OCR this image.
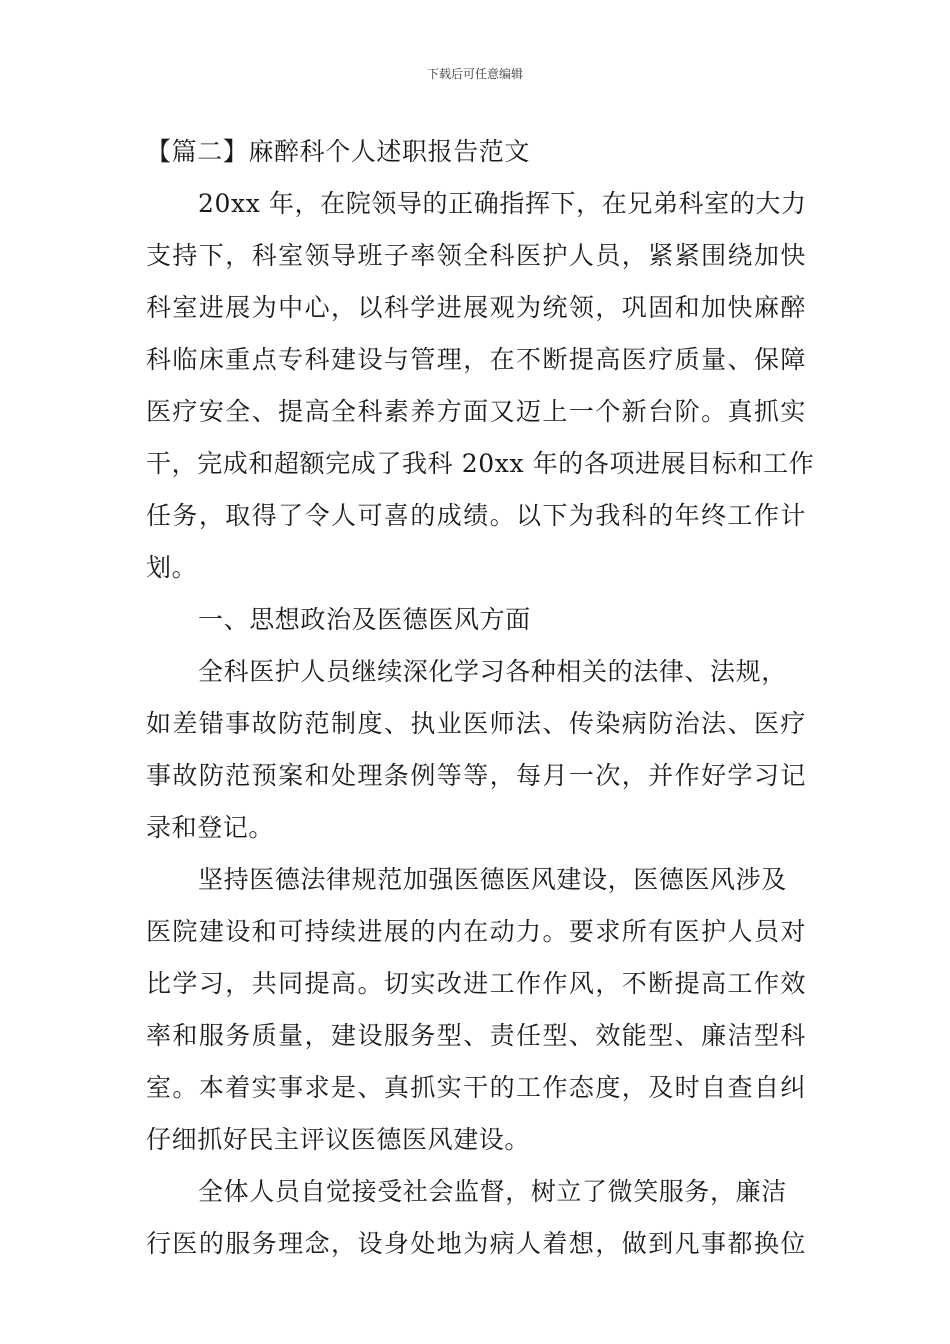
下载后可任意编辑
【篇二】麻醉科个人述职报告范文
20xx 年，在院领导的正确指挥下，在兄弟科室的大力
支持下，科室领导班子率领全科医护人员，紧紧围绕加快
科室进展为中心，以科学进展观为统领，巩固和加快麻醉
科临床重点专科建设与管理，在不断提高医疗质量、保障
医疗安全、提高全科素养方面又迈上一个新台阶。真抓实
干，完成和超额完成了我科 20xx 年的各项进展目标和工作
任务，取得了令人可喜的成绩。以下为我科的年终工作计
划。
一、思想政治及医德医风方面
全科医护人员继续深化学习各种相关的法律、法规，
如差错事故防范制度、执业医师法、传染病防治法、医疗
事故防范预案和处理条例等等，每月一次，并作好学习记
录和登记。
坚持医德法律规范加强医德医风建设，医德医风涉及
医院建设和可持续进展的内在动力。要求所有医护人员对
比学习，共同提高。切实改进工作作风，不断提高工作效
率和服务质量，建设服务型、责任型、效能型、廉洁型科
室。本着实事求是、真抓实干的工作态度，及时自查自纠
仔细抓好民主评议医德医风建设。
全体人员自觉接受社会监督，树立了微笑服务，廉洁
行医的服务理念，设身处地为病人着想，做到凡事都换位
